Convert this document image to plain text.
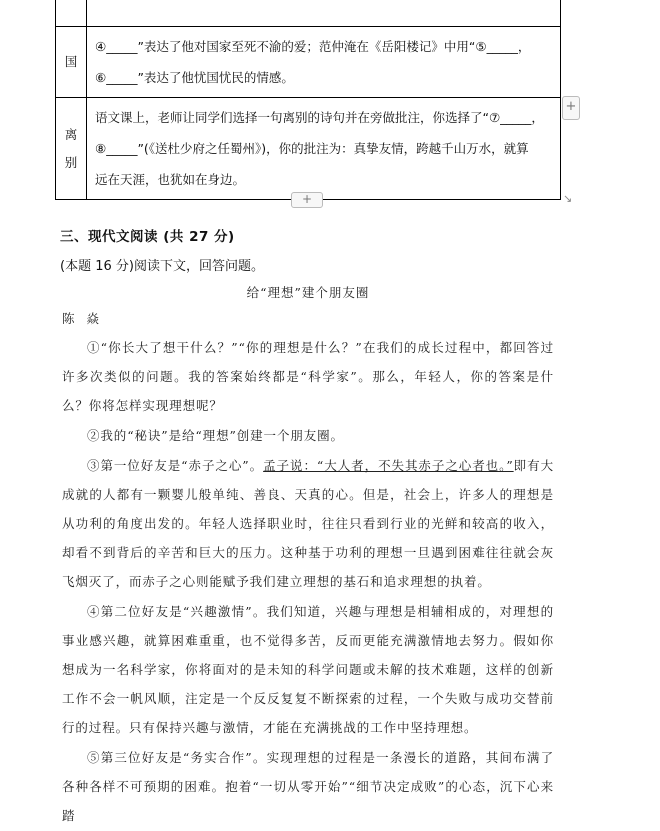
国	④_____”表达了他对国家至死不渝的爱；范仲淹在《岳阳楼记》中用“⑤_____，
⑥_____”表达了他忧国忧民的情感。

离别	语文课上，老师让同学们选择一句离别的诗句并在旁做批注，你选择了“⑦_____，
⑧_____”(《送杜少府之任蜀州》)，你的批注为：真挚友情，跨越千山万水，就算
远在天涯，也犹如在身边。
+
+	↘
三、现代文阅读 (共 27 分)
(本题 16 分)阅读下文，回答问题。
给“理想”建个朋友圈
陈 焱

①“你长大了想干什么？”“你的理想是什么？”在我们的成长过程中，都回答过许多次类似的问题。我的答案始终都是“科学家”。那么，年轻人，你的答案是什么？你将怎样实现理想呢？

②我的“秘诀”是给“理想”创建一个朋友圈。

③第一位好友是“赤子之心”。孟子说：“大人者，不失其赤子之心者也。”即有大成就的人都有一颗婴儿般单纯、善良、天真的心。但是，社会上，许多人的理想是从功利的角度出发的。年轻人选择职业时，往往只看到行业的光鲜和较高的收入，却看不到背后的辛苦和巨大的压力。这种基于功利的理想一旦遇到困难往往就会灰飞烟灭了，而赤子之心则能赋予我们建立理想的基石和追求理想的执着。

④第二位好友是“兴趣激情”。我们知道，兴趣与理想是相辅相成的，对理想的事业感兴趣，就算困难重重，也不觉得多苦，反而更能充满激情地去努力。假如你想成为一名科学家，你将面对的是未知的科学问题或未解的技术难题，这样的创新工作不会一帆风顺，注定是一个反反复复不断探索的过程，一个失败与成功交替前行的过程。只有保持兴趣与激情，才能在充满挑战的工作中坚持理想。

⑤第三位好友是“务实合作”。实现理想的过程是一条漫长的道路，其间布满了各种各样不可预期的困难。抱着“一切从零开始”“细节决定成败”的心态，沉下心来踏
